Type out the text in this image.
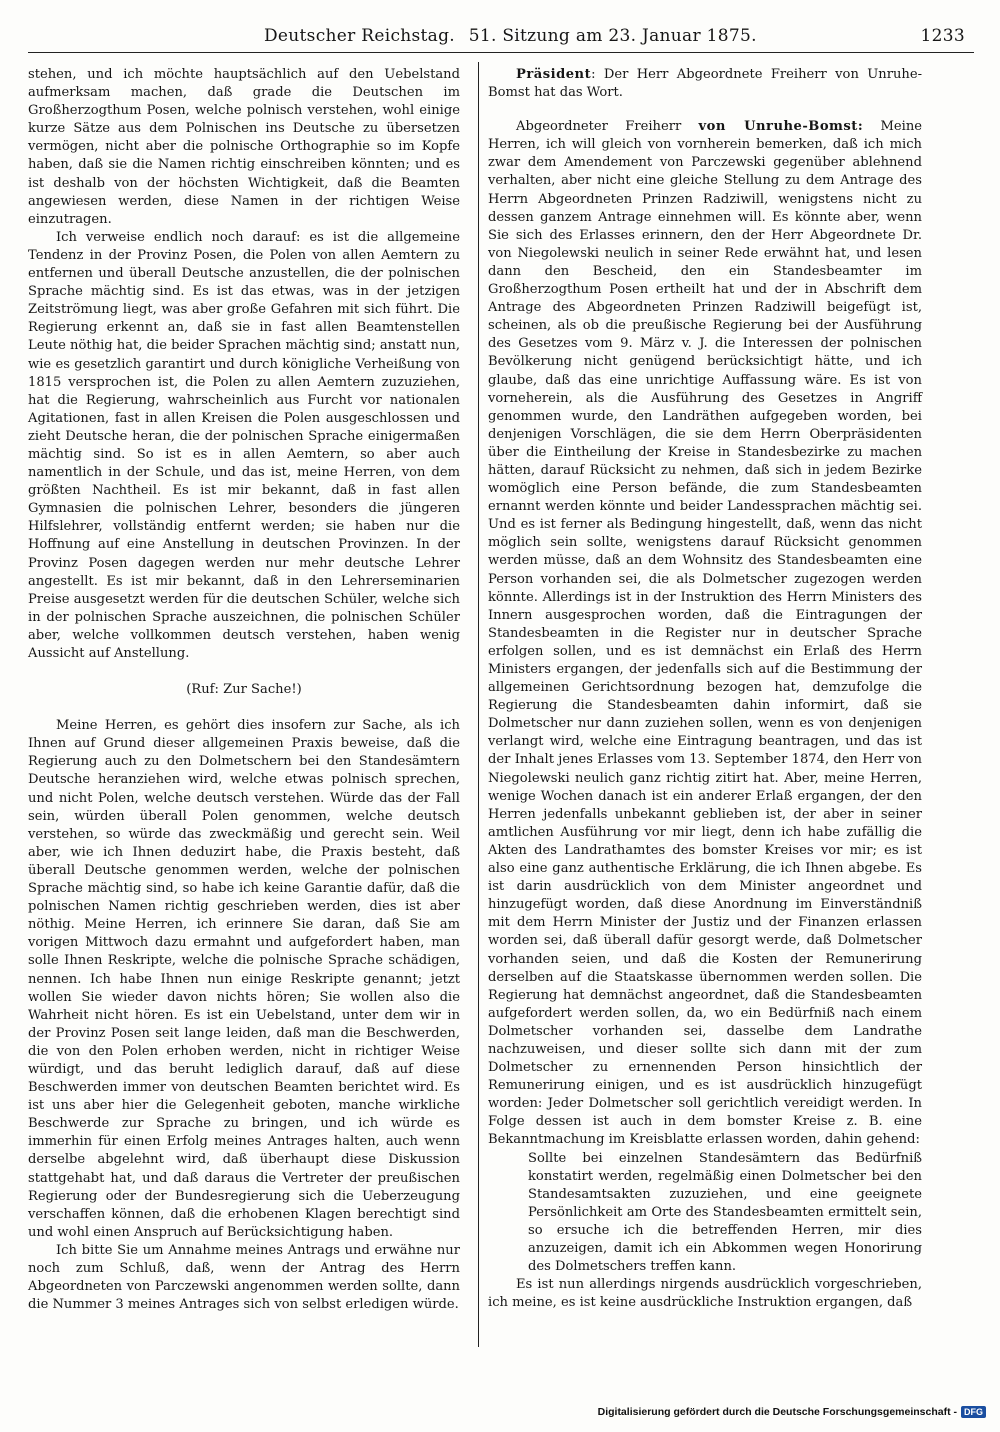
Deutscher Reichstag. 51. Sitzung am 23. Januar 1875.	1233

stehen, und ich möchte hauptsächlich auf den Uebelstand aufmerksam machen, daß grade die Deutschen im Großherzogthum Posen, welche polnisch verstehen, wohl einige kurze Sätze aus dem Polnischen ins Deutsche zu übersetzen vermögen, nicht aber die polnische Orthographie so im Kopfe haben, daß sie die Namen richtig einschreiben könnten; und es ist deshalb von der höchsten Wichtigkeit, daß die Beamten angewiesen werden, diese Namen in der richtigen Weise einzutragen.

Ich verweise endlich noch darauf: es ist die allgemeine Tendenz in der Provinz Posen, die Polen von allen Aemtern zu entfernen und überall Deutsche anzustellen, die der polnischen Sprache mächtig sind. Es ist das etwas, was in der jetzigen Zeitströmung liegt, was aber große Gefahren mit sich führt. Die Regierung erkennt an, daß sie in fast allen Beamtenstellen Leute nöthig hat, die beider Sprachen mächtig sind; anstatt nun, wie es gesetzlich garantirt und durch königliche Verheißung von 1815 versprochen ist, die Polen zu allen Aemtern zuzuziehen, hat die Regierung, wahrscheinlich aus Furcht vor nationalen Agitationen, fast in allen Kreisen die Polen ausgeschlossen und zieht Deutsche heran, die der polnischen Sprache einigermaßen mächtig sind. So ist es in allen Aemtern, so aber auch namentlich in der Schule, und das ist, meine Herren, von dem größten Nachtheil. Es ist mir bekannt, daß in fast allen Gymnasien die polnischen Lehrer, besonders die jüngeren Hilfslehrer, vollständig entfernt werden; sie haben nur die Hoffnung auf eine Anstellung in deutschen Provinzen. In der Provinz Posen dagegen werden nur mehr deutsche Lehrer angestellt. Es ist mir bekannt, daß in den Lehrerseminarien Preise ausgesetzt werden für die deutschen Schüler, welche sich in der polnischen Sprache auszeichnen, die polnischen Schüler aber, welche vollkommen deutsch verstehen, haben wenig Aussicht auf Anstellung.

(Ruf: Zur Sache!)

Meine Herren, es gehört dies insofern zur Sache, als ich Ihnen auf Grund dieser allgemeinen Praxis beweise, daß die Regierung auch zu den Dolmetschern bei den Standesämtern Deutsche heranziehen wird, welche etwas polnisch sprechen, und nicht Polen, welche deutsch verstehen. Würde das der Fall sein, würden überall Polen genommen, welche deutsch verstehen, so würde das zweckmäßig und gerecht sein. Weil aber, wie ich Ihnen deduzirt habe, die Praxis besteht, daß überall Deutsche genommen werden, welche der polnischen Sprache mächtig sind, so habe ich keine Garantie dafür, daß die polnischen Namen richtig geschrieben werden, dies ist aber nöthig. Meine Herren, ich erinnere Sie daran, daß Sie am vorigen Mittwoch dazu ermahnt und aufgefordert haben, man solle Ihnen Reskripte, welche die polnische Sprache schädigen, nennen. Ich habe Ihnen nun einige Reskripte genannt; jetzt wollen Sie wieder davon nichts hören; Sie wollen also die Wahrheit nicht hören. Es ist ein Uebelstand, unter dem wir in der Provinz Posen seit lange leiden, daß man die Beschwerden, die von den Polen erhoben werden, nicht in richtiger Weise würdigt, und das beruht lediglich darauf, daß auf diese Beschwerden immer von deutschen Beamten berichtet wird. Es ist uns aber hier die Gelegenheit geboten, manche wirkliche Beschwerde zur Sprache zu bringen, und ich würde es immerhin für einen Erfolg meines Antrages halten, auch wenn derselbe abgelehnt wird, daß überhaupt diese Diskussion stattgehabt hat, und daß daraus die Vertreter der preußischen Regierung oder der Bundesregierung sich die Ueberzeugung verschaffen können, daß die erhobenen Klagen berechtigt sind und wohl einen Anspruch auf Berücksichtigung haben.

Ich bitte Sie um Annahme meines Antrags und erwähne nur noch zum Schluß, daß, wenn der Antrag des Herrn Abgeordneten von Parczewski angenommen werden sollte, dann die Nummer 3 meines Antrages sich von selbst erledigen würde.

Präsident: Der Herr Abgeordnete Freiherr von Unruhe-Bomst hat das Wort.

Abgeordneter Freiherr von Unruhe-Bomst: Meine Herren, ich will gleich von vornherein bemerken, daß ich mich zwar dem Amendement von Parczewski gegenüber ablehnend verhalten, aber nicht eine gleiche Stellung zu dem Antrage des Herrn Abgeordneten Prinzen Radziwill, wenigstens nicht zu dessen ganzem Antrage einnehmen will. Es könnte aber, wenn Sie sich des Erlasses erinnern, den der Herr Abgeordnete Dr. von Niegolewski neulich in seiner Rede erwähnt hat, und lesen dann den Bescheid, den ein Standesbeamter im Großherzogthum Posen ertheilt hat und der in Abschrift dem Antrage des Abgeordneten Prinzen Radziwill beigefügt ist, scheinen, als ob die preußische Regierung bei der Ausführung des Gesetzes vom 9. März v. J. die Interessen der polnischen Bevölkerung nicht genügend berücksichtigt hätte, und ich glaube, daß das eine unrichtige Auffassung wäre. Es ist von vorneherein, als die Ausführung des Gesetzes in Angriff genommen wurde, den Landräthen aufgegeben worden, bei denjenigen Vorschlägen, die sie dem Herrn Oberpräsidenten über die Eintheilung der Kreise in Standesbezirke zu machen hätten, darauf Rücksicht zu nehmen, daß sich in jedem Bezirke womöglich eine Person befände, die zum Standesbeamten ernannt werden könnte und beider Landessprachen mächtig sei. Und es ist ferner als Bedingung hingestellt, daß, wenn das nicht möglich sein sollte, wenigstens darauf Rücksicht genommen werden müsse, daß an dem Wohnsitz des Standesbeamten eine Person vorhanden sei, die als Dolmetscher zugezogen werden könnte. Allerdings ist in der Instruktion des Herrn Ministers des Innern ausgesprochen worden, daß die Eintragungen der Standesbeamten in die Register nur in deutscher Sprache erfolgen sollen, und es ist demnächst ein Erlaß des Herrn Ministers ergangen, der jedenfalls sich auf die Bestimmung der allgemeinen Gerichtsordnung bezogen hat, demzufolge die Regierung die Standesbeamten dahin informirt, daß sie Dolmetscher nur dann zuziehen sollen, wenn es von denjenigen verlangt wird, welche eine Eintragung beantragen, und das ist der Inhalt jenes Erlasses vom 13. September 1874, den Herr von Niegolewski neulich ganz richtig zitirt hat. Aber, meine Herren, wenige Wochen danach ist ein anderer Erlaß ergangen, der den Herren jedenfalls unbekannt geblieben ist, der aber in seiner amtlichen Ausführung vor mir liegt, denn ich habe zufällig die Akten des Landrathamtes des bomster Kreises vor mir; es ist also eine ganz authentische Erklärung, die ich Ihnen abgebe. Es ist darin ausdrücklich von dem Minister angeordnet und hinzugefügt worden, daß diese Anordnung im Einverständniß mit dem Herrn Minister der Justiz und der Finanzen erlassen worden sei, daß überall dafür gesorgt werde, daß Dolmetscher vorhanden seien, und daß die Kosten der Remunerirung derselben auf die Staatskasse übernommen werden sollen. Die Regierung hat demnächst angeordnet, daß die Standesbeamten aufgefordert werden sollen, da, wo ein Bedürfniß nach einem Dolmetscher vorhanden sei, dasselbe dem Landrathe nachzuweisen, und dieser sollte sich dann mit der zum Dolmetscher zu ernennenden Person hinsichtlich der Remunerirung einigen, und es ist ausdrücklich hinzugefügt worden: Jeder Dolmetscher soll gerichtlich vereidigt werden. In Folge dessen ist auch in dem bomster Kreise z. B. eine Bekanntmachung im Kreisblatte erlassen worden, dahin gehend:

Sollte bei einzelnen Standesämtern das Bedürfniß konstatirt werden, regelmäßig einen Dolmetscher bei den Standesamtsakten zuzuziehen, und eine geeignete Persönlichkeit am Orte des Standesbeamten ermittelt sein, so ersuche ich die betreffenden Herren, mir dies anzuzeigen, damit ich ein Abkommen wegen Honorirung des Dolmetschers treffen kann.

Es ist nun allerdings nirgends ausdrücklich vorgeschrieben, ich meine, es ist keine ausdrückliche Instruktion ergangen, daß

Digitalisierung gefördert durch die Deutsche Forschungsgemeinschaft - DFG
